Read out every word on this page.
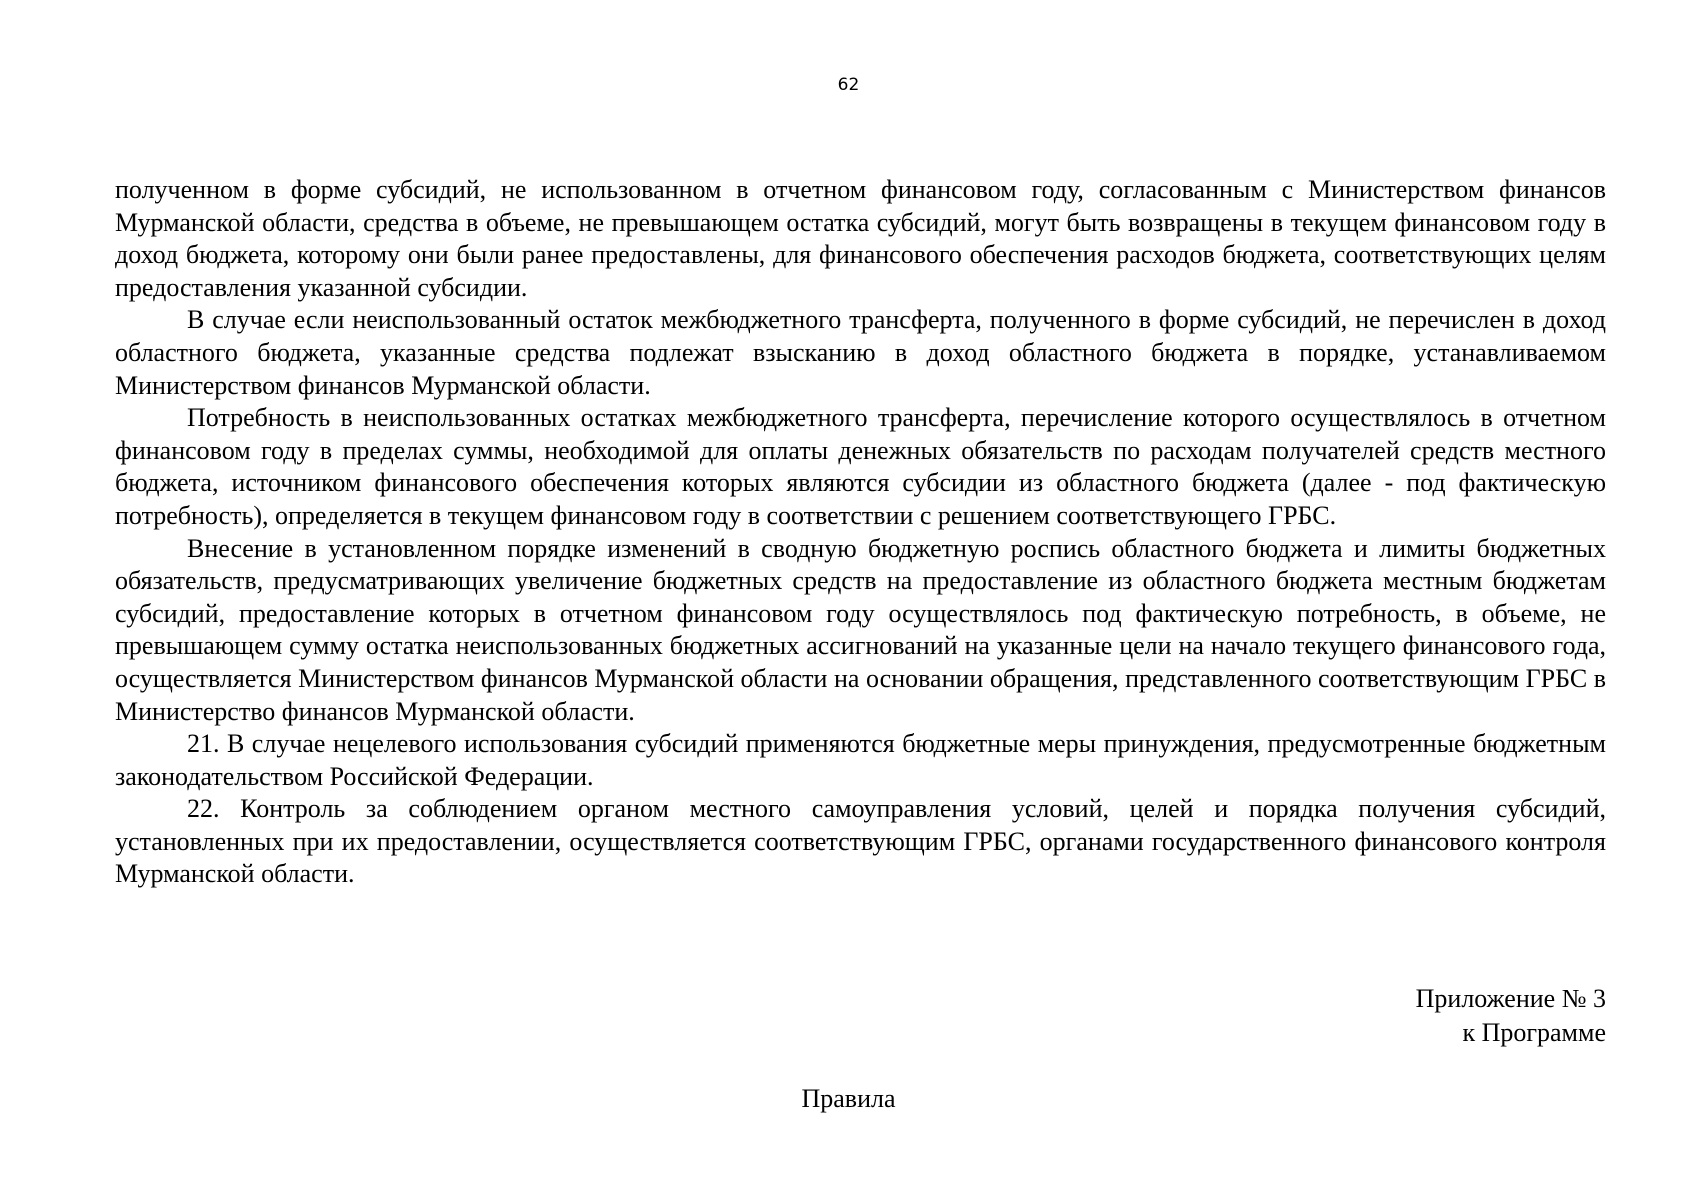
62

полученном в форме субсидий, не использованном в отчетном финансовом году, согласованным с Министерством финансов Мурманской области, средства в объеме, не превышающем остатка субсидий, могут быть возвращены в текущем финансовом году в доход бюджета, которому они были ранее предоставлены, для финансового обеспечения расходов бюджета, соответствующих целям предоставления указанной субсидии.

В случае если неиспользованный остаток межбюджетного трансферта, полученного в форме субсидий, не перечислен в доход областного бюджета, указанные средства подлежат взысканию в доход областного бюджета в порядке, устанавливаемом Министерством финансов Мурманской области.

Потребность в неиспользованных остатках межбюджетного трансферта, перечисление которого осуществлялось в отчетном финансовом году в пределах суммы, необходимой для оплаты денежных обязательств по расходам получателей средств местного бюджета, источником финансового обеспечения которых являются субсидии из областного бюджета (далее - под фактическую потребность), определяется в текущем финансовом году в соответствии с решением соответствующего ГРБС.

Внесение в установленном порядке изменений в сводную бюджетную роспись областного бюджета и лимиты бюджетных обязательств, предусматривающих увеличение бюджетных средств на предоставление из областного бюджета местным бюджетам субсидий, предоставление которых в отчетном финансовом году осуществлялось под фактическую потребность, в объеме, не превышающем сумму остатка неиспользованных бюджетных ассигнований на указанные цели на начало текущего финансового года, осуществляется Министерством финансов Мурманской области на основании обращения, представленного соответствующим ГРБС в Министерство финансов Мурманской области.

21. В случае нецелевого использования субсидий применяются бюджетные меры принуждения, предусмотренные бюджетным законодательством Российской Федерации.

22. Контроль за соблюдением органом местного самоуправления условий, целей и порядка получения субсидий, установленных при их предоставлении, осуществляется соответствующим ГРБС, органами государственного финансового контроля Мурманской области.

Приложение № 3
к Программе
Правила
